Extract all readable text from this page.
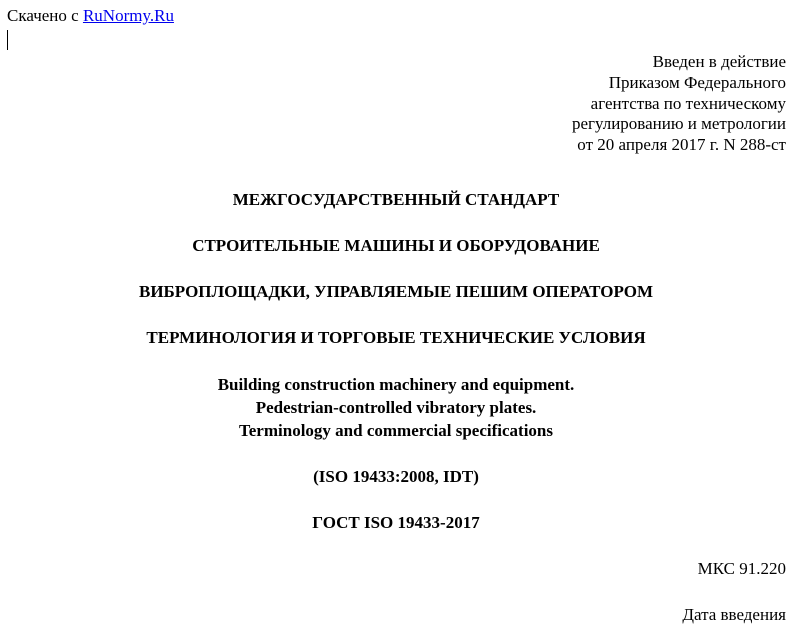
Скачено с RuNormy.Ru
Введен в действие
Приказом Федерального
агентства по техническому
регулированию и метрологии
от 20 апреля 2017 г. N 288-ст
МЕЖГОСУДАРСТВЕННЫЙ СТАНДАРТ
СТРОИТЕЛЬНЫЕ МАШИНЫ И ОБОРУДОВАНИЕ
ВИБРОПЛОЩАДКИ, УПРАВЛЯЕМЫЕ ПЕШИМ ОПЕРАТОРОМ
ТЕРМИНОЛОГИЯ И ТОРГОВЫЕ ТЕХНИЧЕСКИЕ УСЛОВИЯ
Building construction machinery and equipment.
Pedestrian-controlled vibratory plates.
Terminology and commercial specifications
(ISO 19433:2008, IDT)
ГОСТ ISO 19433-2017
МКС 91.220
Дата введения
